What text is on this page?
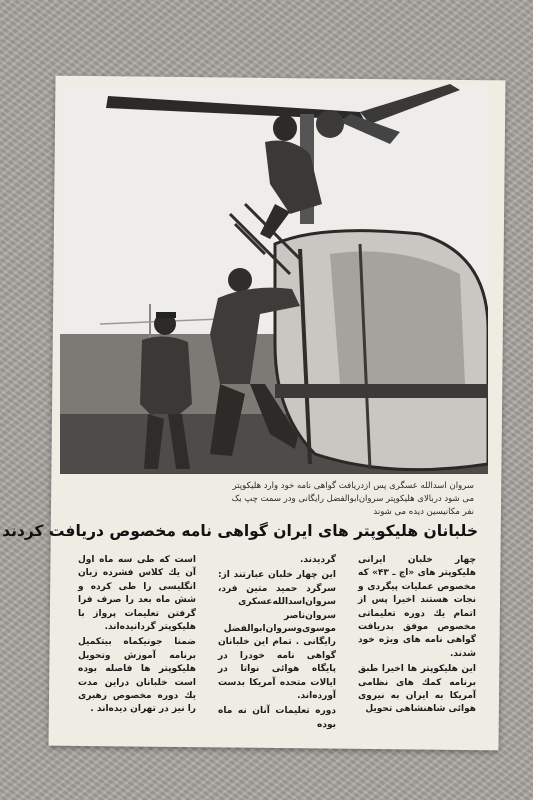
سروان اسدالله عسگری پس ازدریافت گواهی نامه خود وارد هلیکوپتر
می شود دربالای هلیکوپتر سروان‌ابوالفضل رایگانی ودر سمت چپ یک
نفر مکانیسین دیده می شوند
خلبانان هلیکوپتر های ایران گواهی نامه مخصوص دریافت کردند

چهار خلبان ایرانی هلیکوپتر های «اچ ـ ۴۳» که مخصوص عملیات پیگردی و نجات هستند اخیرا پس از اتمام یك دوره تعلیماتی مخصوص موفق بدریافت گواهی نامه های ویژه خود شدند.

این هلیکوپتر ها اخیرا طبق برنامه کمك های نظامی آمریکا به ایران به نیروی هوائی شاهنشاهی تحویل

گردیدند.

این چهار خلبان عبارتند از: سرگرد حمید متین فرد، سروان‌اسدالله‌عسکری سروان‌ناصر موسوی‌وسروان‌ابوالفضل رایگانی . تمام این خلبانان گواهی نامه خودرا در پایگاه هوائی نواتا در ایالات متحده آمریکا بدست آورده‌اند.

دوره تعلیمات آنان نه ماه بوده

است که طی سه ماه اول آن یك کلاس فشرده زبان انگلیسی را طی کرده و شش ماه بعد را صرف فرا گرفتن تعلیمات پرواز با هلیکوپتر گردانیده‌اند.

ضمنا جونیکماه بیتکمیل برنامه آموزش وتحویل هلیکوپتر ها فاصله بوده است خلبانان دراین مدت یك دوره مخصوص رهبری را نیز در تهران دیده‌اند .
